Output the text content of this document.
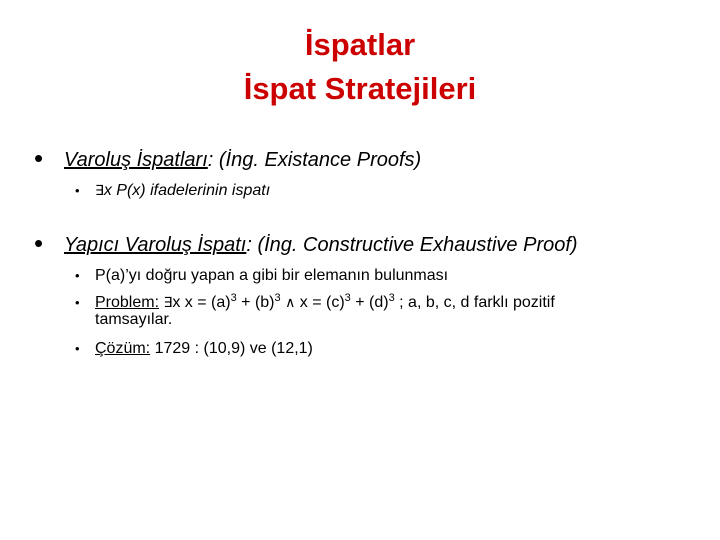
İspatlar
İspat Stratejileri
• Varoluş İspatları: (İng. Existance Proofs)
• ∃x P(x) ifadelerinin ispatı
• Yapıcı Varoluş İspatı: (İng. Constructive Exhaustive Proof)
• P(a)’yı doğru yapan a gibi bir elemanın bulunması
• Problem: ∃x $x = (a)^3 + (b)^3$ ∧ $x = (c)^3 + (d)^3$ ; a, b, c, d farklı pozitif
tamsayılar.
• Çözüm: 1729 : (10,9) ve (12,1)
